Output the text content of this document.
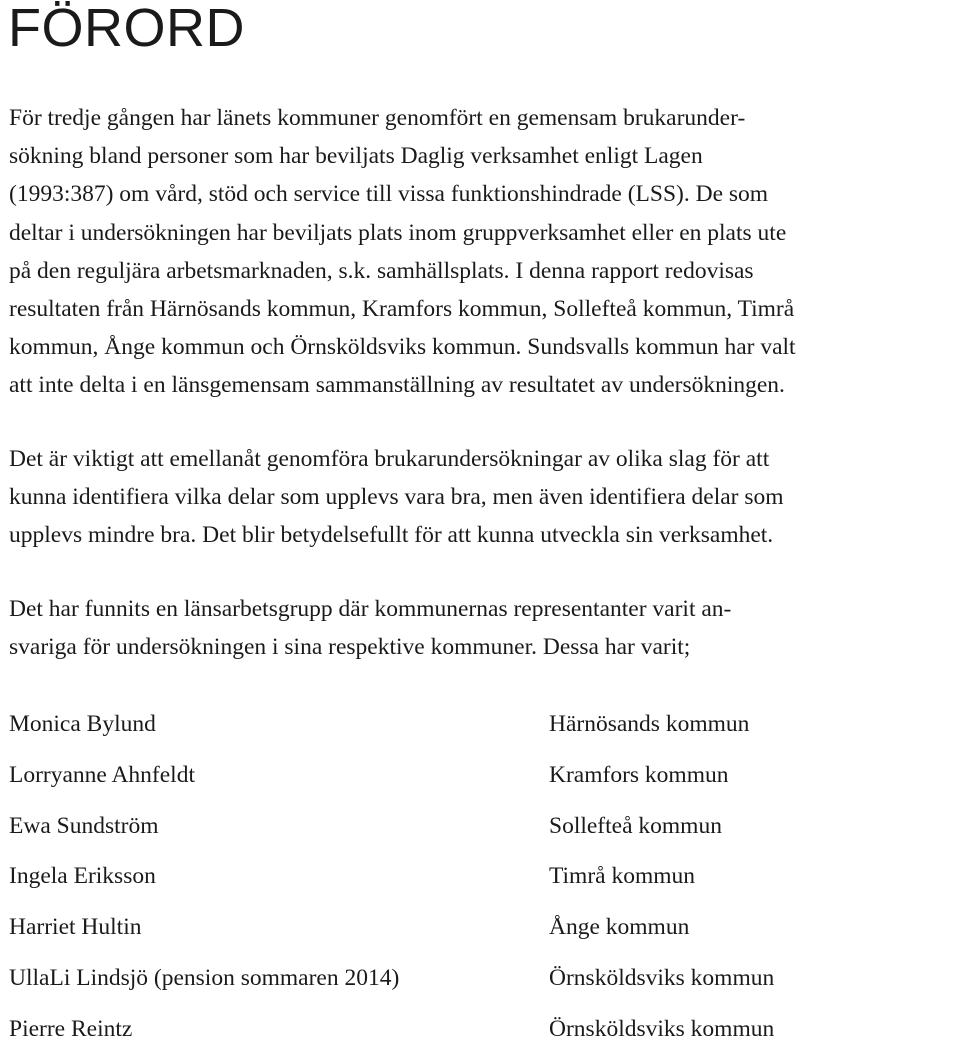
FÖRORD

För tredje gången har länets kommuner genomfört en gemensam brukarunder-
sökning bland personer som har beviljats Daglig verksamhet enligt Lagen
(1993:387) om vård, stöd och service till vissa funktionshindrade (LSS). De som
deltar i undersökningen har beviljats plats inom gruppverksamhet eller en plats ute
på den reguljära arbetsmarknaden, s.k. samhällsplats. I denna rapport redovisas
resultaten från Härnösands kommun, Kramfors kommun, Sollefteå kommun, Timrå
kommun, Ånge kommun och Örnsköldsviks kommun. Sundsvalls kommun har valt
att inte delta i en länsgemensam sammanställning av resultatet av undersökningen.

Det är viktigt att emellanåt genomföra brukarundersökningar av olika slag för att
kunna identifiera vilka delar som upplevs vara bra, men även identifiera delar som
upplevs mindre bra. Det blir betydelsefullt för att kunna utveckla sin verksamhet.

Det har funnits en länsarbetsgrupp där kommunernas representanter varit an-
svariga för undersökningen i sina respektive kommuner. Dessa har varit;

Monica Bylund	Härnösands kommun
Lorryanne Ahnfeldt	Kramfors kommun
Ewa Sundström	Sollefteå kommun
Ingela Eriksson	Timrå kommun
Harriet Hultin	Ånge kommun
UllaLi Lindsjö (pension sommaren 2014)	Örnsköldsviks kommun
Pierre Reintz	Örnsköldsviks kommun
